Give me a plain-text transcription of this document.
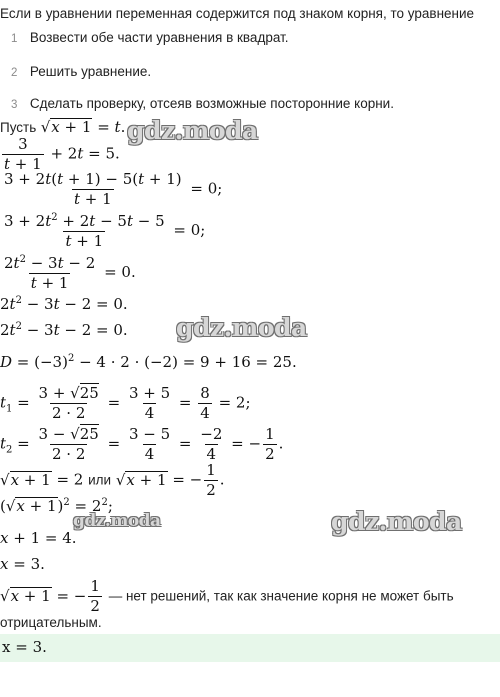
Если в уравнении переменная содержится под знаком корня, то уравнение
1 Возвести обе части уравнения в квадрат.
2 Решить уравнение.
3 Сделать проверку, отсеяв возможные посторонние корни.
Пусть √x + 1 = t.
$\frac{3}{t + 1} + 2t = 5$.
$\frac{3 + 2t(t + 1) - 5(t + 1)}{t + 1} = 0$;
$\frac{3 + 2t^2 + 2t - 5t - 5}{t + 1} = 0$;
$\frac{2t^2 - 3t - 2}{t + 1} = 0$.
$2t^2 - 3t - 2 = 0$.
$2t^2 - 3t - 2 = 0$.
$D = (-3)^2 - 4 \cdot 2 \cdot (-2) = 9 + 16 = 25$.
$t_1 = \frac{3 + √25}{2 \cdot 2} = \frac{3 + 5}{4} = \frac{8}{4} = 2$;
$t_2 = \frac{3 - √25}{2 \cdot 2} = \frac{3 - 5}{4} = \frac{-2}{4}$ = − $\frac{1}{2}$ .
√x + 1 = 2 или √x + 1 = − $\frac{1}{2}$ .
$(√x + 1)^2 = 2^2$;
x + 1 = 4.
x = 3.
√x + 1 = − $\frac{1}{2}$ — нет решений, так как значение корня не может быть
отрицательным.
x = 3.
gdz.moda
gdz.moda
gdz.moda	gdz.moda
